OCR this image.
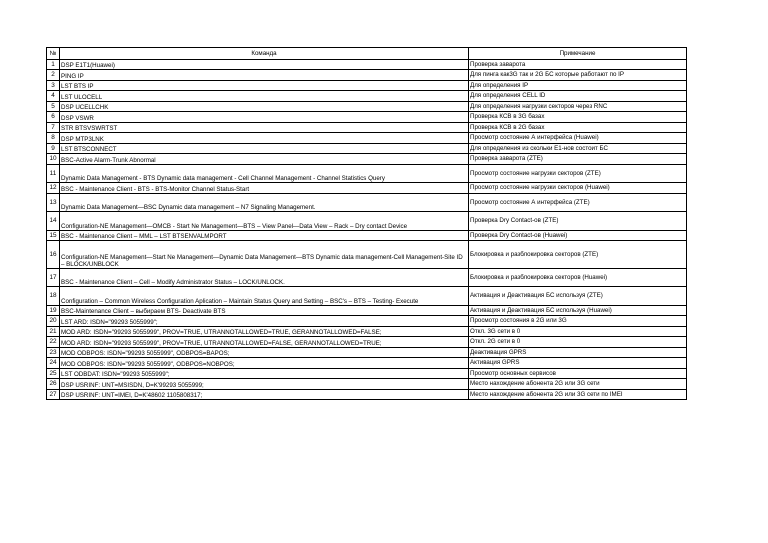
№	Команда	Примечание
1	DSP E1T1(Huawei)	Проверка заварота
2	PING IP	Для пинга как3G так и 2G БС которые работают по IP
3	LST BTS IP	Для определения IP
4	LST ULOCELL	Для определения CELL ID
5	DSP UCELLCHK	Для определения нагрузки секторов через RNC
6	DSP VSWR	Проверка КСВ в 3G базах
7	STR BTSVSWRTST	Проверка КСВ в 2G базах
8	DSP MTP3LNK	Просмотр состояние А интерфейса (Huawei)
9	LST BTSCONNECT	Для определения из скольки E1-нов состоит БС
10	BSC-Active Alarm-Trunk Abnormal	Проверка заварота (ZTE)
11	Dynamic Data Management - BTS Dynamic data management - Cell Channel Management - Channel Statistics Query	Просмотр состояние нагрузки секторов (ZTE)
12	BSC - Maintenance Client - BTS - BTS-Monitor Channel Status-Start	Просмотр состояние нагрузки секторов (Huawei)
13	Dynamic Data Management—BSC Dynamic data management – N7 Signaling Management.	Просмотр состояние А интерфейса (ZTE)
14	Configuration-NE Management—OMCB - Start Ne Management—BTS – View Panel—Data View – Rack – Dry contact Device	Проверка Dry Contact-ов (ZTE)
15	BSC - Maintenance Client – MML – LST BTSENVALMPORT	Проверка Dry Contact-ов (Huawei)
16	Configuration-NE Management—Start Ne Management—Dynamic Data Management—BTS Dynamic data management-Cell Management-Site ID – BLOCK/UNBLOCK	Блокировка и разблокировка секторов (ZTE)
17	BSC - Maintenance Client – Cell – Modify Administrator Status – LOCK/UNLOCK.	Блокировка и разблокировка секторов (Huawei)
18	Configuration – Common Wireless Configuration Aplication – Maintain Status Query and Setting – BSC's – BTS – Testing- Execute	Активация и Деактивация БС используя (ZTE)
19	BSC-Maintenance Client – выбираем BTS- Deactivate BTS	Активация и Деактивация БС используя (Huawei)
20	LST ARD: ISDN="99293 5055999";	Просмотр состояния в 2G или 3G
21	MOD ARD: ISDN="99293 5055999", PROV=TRUE, UTRANNOTALLOWED=TRUE, GERANNOTALLOWED=FALSE;	Откл. 3G сети в 0
22	MOD ARD: ISDN="99293 5055999", PROV=TRUE, UTRANNOTALLOWED=FALSE, GERANNOTALLOWED=TRUE;	Откл. 2G сети в 0
23	MOD ODBPOS: ISDN="99293 5055999", ODBPOS=BAPOS;	Деактивация GPRS
24	MOD ODBPOS: ISDN="99293 5055999", ODBPOS=NOBPOS;	Активация GPRS
25	LST ODBDAT: ISDN="99293 5055999";	Просмотр основных сервисов
26	DSP USRINF: UNT=MSISDN, D=K'99293 5055999;	Место нахождение абонента 2G или 3G сети
27	DSP USRINF: UNT=IMEI, D=K'48602 1105808317;	Место нахождение абонента 2G или 3G сети по IMEI
